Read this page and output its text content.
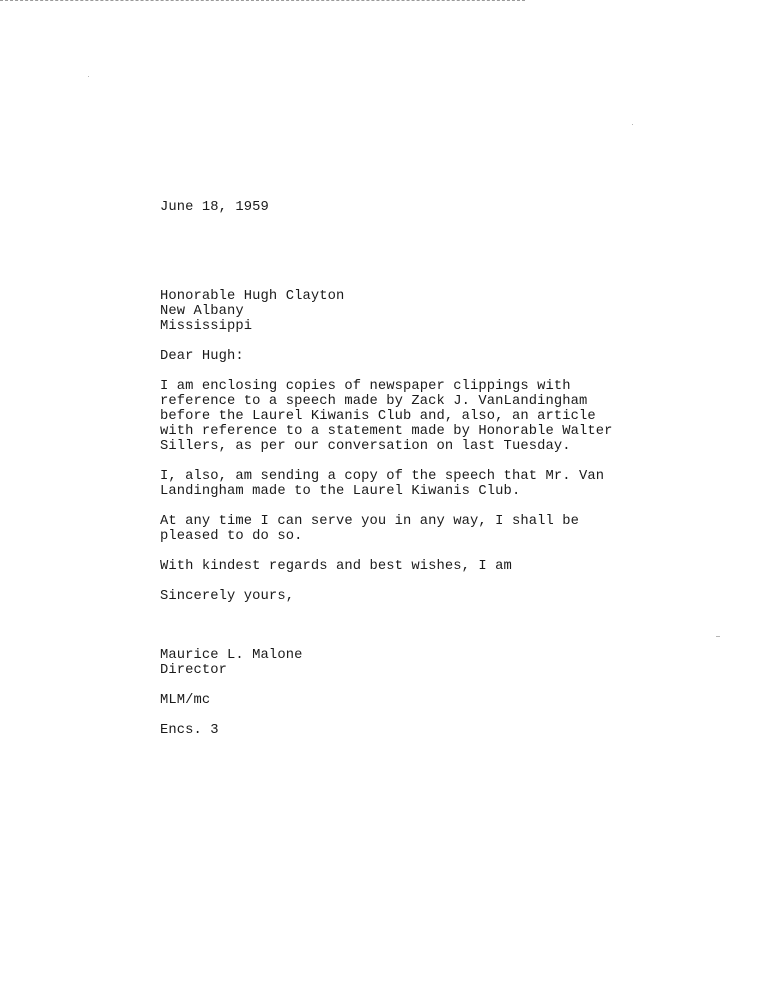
June 18, 1959
Honorable Hugh Clayton
New Albany
Mississippi
Dear Hugh:
I am enclosing copies of newspaper clippings with
reference to a speech made by Zack J. VanLandingham
before the Laurel Kiwanis Club and, also, an article
with reference to a statement made by Honorable Walter
Sillers, as per our conversation on last Tuesday.
I, also, am sending a copy of the speech that Mr. Van
Landingham made to the Laurel Kiwanis Club.
At any time I can serve you in any way, I shall be
pleased to do so.
With kindest regards and best wishes, I am
Sincerely yours,
Maurice L. Malone
Director
MLM/mc
Encs. 3
